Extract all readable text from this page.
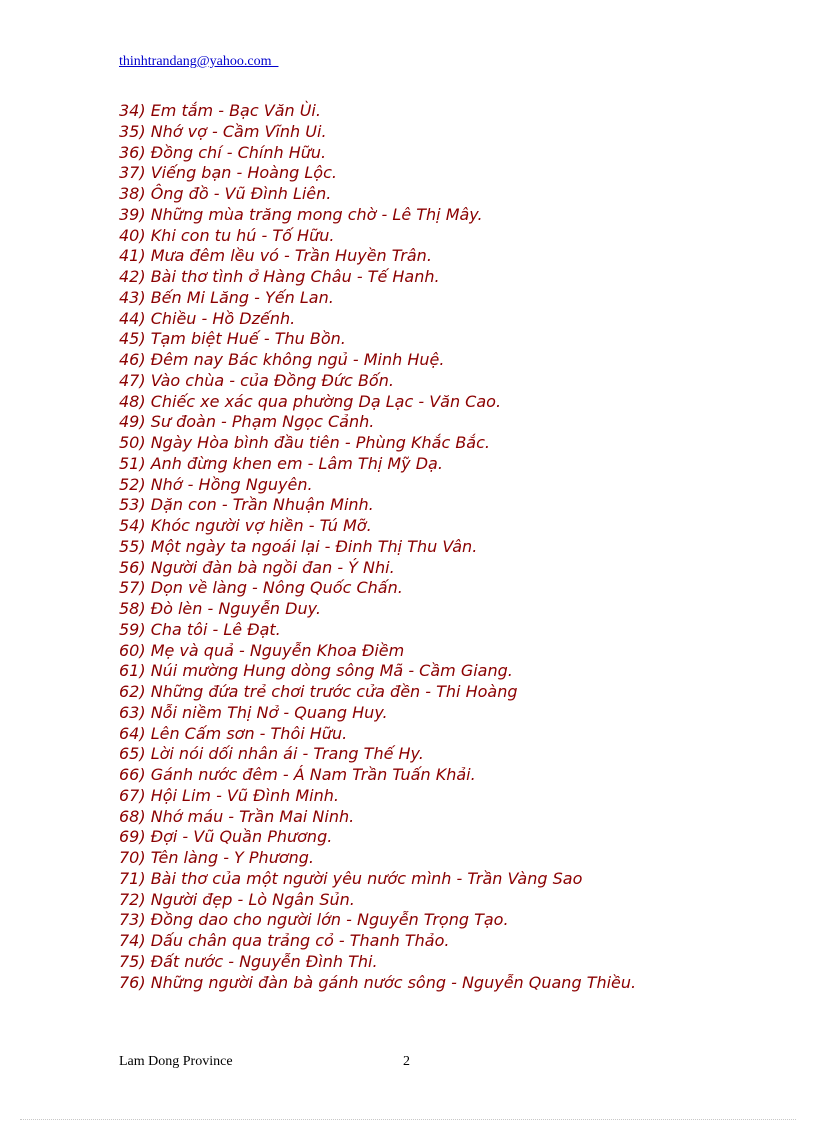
thinhtrandang@yahoo.com
34) Em tắm - Bạc Văn Ùi.
35) Nhớ vợ - Cầm Vĩnh Ui.
36) Đồng chí - Chính Hữu.
37) Viếng bạn - Hoàng Lộc.
38) Ông đồ - Vũ Đình Liên.
39) Những mùa trăng mong chờ - Lê Thị Mây.
40) Khi con tu hú - Tố Hữu.
41) Mưa đêm lều vó - Trần Huyền Trân.
42) Bài thơ tình ở Hàng Châu - Tế Hanh.
43) Bến Mi Lăng - Yến Lan.
44) Chiều - Hồ Dzếnh.
45) Tạm biệt Huế - Thu Bồn.
46) Đêm nay Bác không ngủ - Minh Huệ.
47) Vào chùa - của Đồng Đức Bốn.
48) Chiếc xe xác qua phường Dạ Lạc - Văn Cao.
49) Sư đoàn - Phạm Ngọc Cảnh.
50) Ngày Hòa bình đầu tiên - Phùng Khắc Bắc.
51) Anh đừng khen em - Lâm Thị Mỹ Dạ.
52) Nhớ - Hồng Nguyên.
53) Dặn con - Trần Nhuận Minh.
54) Khóc người vợ hiền - Tú Mỡ.
55) Một ngày ta ngoái lại - Đinh Thị Thu Vân.
56) Người đàn bà ngồi đan - Ý Nhi.
57) Dọn về làng - Nông Quốc Chấn.
58) Đò lèn - Nguyễn Duy.
59) Cha tôi - Lê Đạt.
60) Mẹ và quả - Nguyễn Khoa Điềm
61) Núi mường Hung dòng sông Mã - Cầm Giang.
62) Những đứa trẻ chơi trước cửa đền - Thi Hoàng
63) Nỗi niềm Thị Nở - Quang Huy.
64) Lên Cấm sơn - Thôi Hữu.
65) Lời nói dối nhân ái - Trang Thế Hy.
66) Gánh nước đêm - Á Nam Trần Tuấn Khải.
67) Hội Lim - Vũ Đình Minh.
68) Nhớ máu - Trần Mai Ninh.
69) Đợi - Vũ Quần Phương.
70) Tên làng - Y Phương.
71) Bài thơ của một người yêu nước mình - Trần Vàng Sao
72) Người đẹp - Lò Ngân Sủn.
73) Đồng dao cho người lớn - Nguyễn Trọng Tạo.
74) Dấu chân qua trảng cỏ - Thanh Thảo.
75) Đất nước - Nguyễn Đình Thi.
76) Những người đàn bà gánh nước sông - Nguyễn Quang Thiều.
Lam Dong Province	2
